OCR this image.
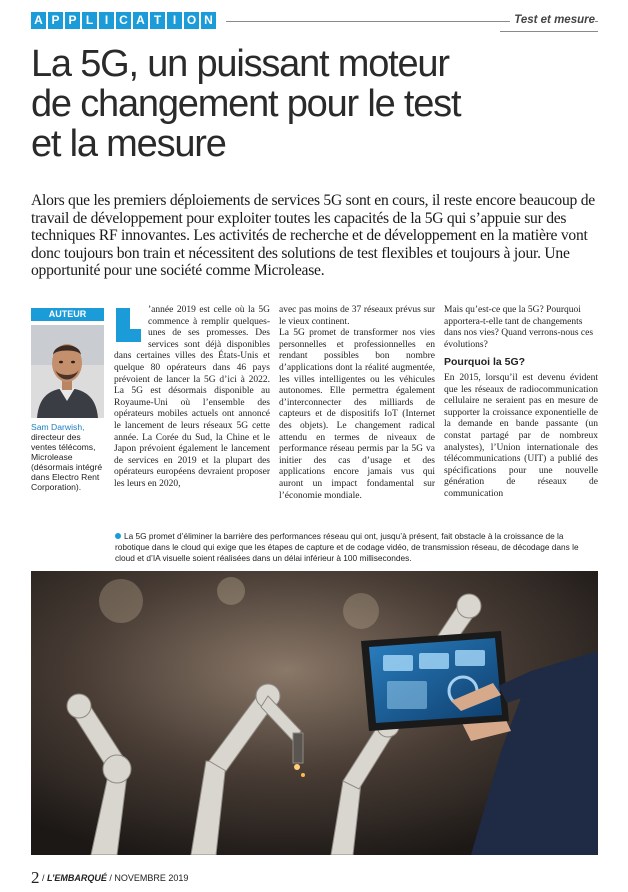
A P P L I C A T I O N	Test et mesure
La 5G, un puissant moteur
de changement pour le test
et la mesure

Alors que les premiers déploiements de services 5G sont en cours, il reste encore beaucoup de travail de développement pour exploiter toutes les capacités de la 5G qui s’appuie sur des techniques RF innovantes. Les activités de recherche et de développement en la matière vont donc toujours bon train et nécessitent des solutions de test flexibles et toujours à jour. Une opportunité pour une société comme Microlease.

AUTEUR
Sam Darwish,
directeur des ventes télécoms, Microlease (désormais intégré dans Electro Rent Corporation).

’année 2019 est celle où la 5G commence à remplir quelques-unes de ses promesses. Des services sont déjà disponibles dans certaines villes des États-Unis et quelque 80 opérateurs dans 46 pays prévoient de lancer la 5G d’ici à 2022. La 5G est désormais disponible au Royaume-Uni où l’ensemble des opérateurs mobiles actuels ont annoncé le lancement de leurs réseaux 5G cette année. La Corée du Sud, la Chine et le Japon prévoient également le lancement de services en 2019 et la plupart des opérateurs européens devraient proposer les leurs en 2020,

avec pas moins de 37 réseaux prévus sur le vieux continent.

La 5G promet de transformer nos vies personnelles et professionnelles en rendant possibles bon nombre d’applications dont la réalité augmentée, les villes intelligentes ou les véhicules autonomes. Elle permettra également d’interconnecter des milliards de capteurs et de dispositifs IoT (Internet des objets). Le changement radical attendu en termes de niveaux de performance réseau permis par la 5G va initier des cas d’usage et des applications encore jamais vus qui auront un impact fondamental sur l’économie mondiale.

Mais qu’est-ce que la 5G? Pourquoi apportera-t-elle tant de changements dans nos vies? Quand verrons-nous ces évolutions?

Pourquoi la 5G?

En 2015, lorsqu’il est devenu évident que les réseaux de radiocommunication cellulaire ne seraient pas en mesure de supporter la croissance exponentielle de la demande en bande passante (un constat partagé par de nombreux analystes), l’Union internationale des télécommunications (UIT) a publié des spécifications pour une nouvelle génération de réseaux de communication

La 5G promet d’éliminer la barrière des performances réseau qui ont, jusqu’à présent, fait obstacle à la croissance de la robotique dans le cloud qui exige que les étapes de capture et de codage vidéo, de transmission réseau, de décodage dans le cloud et d’IA visuelle soient réalisées dans un délai inférieur à 100 millisecondes.
2 / L’EMBARQUÉ / NOVEMBRE 2019
